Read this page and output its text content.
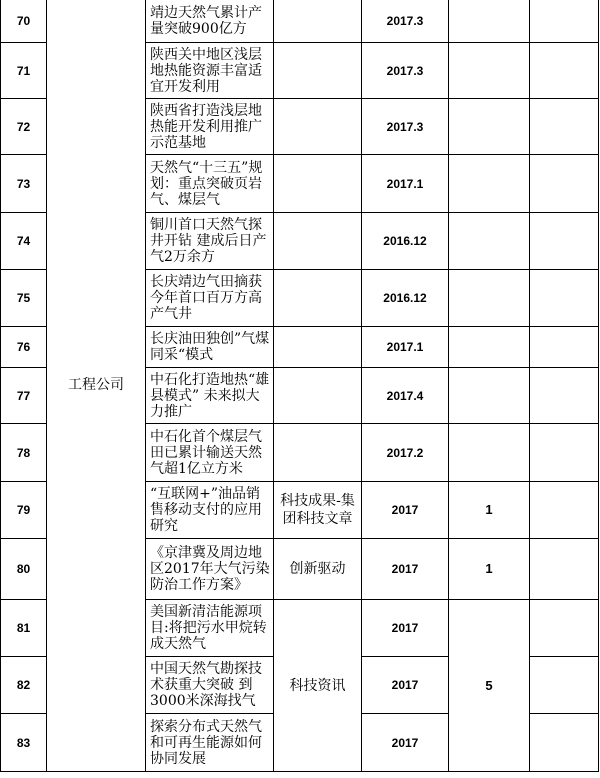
70	工程公司	靖边天然气累计产量突破900亿方		2017.3		
71		陕西关中地区浅层地热能资源丰富适宜开发利用		2017.3		
72		陕西省打造浅层地热能开发利用推广示范基地		2017.3		
73		天然气“十三五”规划：重点突破页岩气、煤层气		2017.1		
74		铜川首口天然气探井开钻 建成后日产气2万余方		2016.12		
75		长庆靖边气田摘获今年首口百万方高产气井		2016.12		
76		长庆油田独创”气煤同采“模式		2017.1		
77		中石化打造地热“雄县模式” 未来拟大力推广		2017.4		
78		中石化首个煤层气田已累计输送天然气超1亿立方米		2017.2		
79		“互联网+”油品销售移动支付的应用研究	科技成果-集团科技文章	2017	1	
80		《京津冀及周边地区2017年大气污染防治工作方案》	创新驱动	2017	1	
81		美国新清洁能源项目:将把污水甲烷转成天然气	科技资讯	2017	5	
82		中国天然气勘探技术获重大突破 到3000米深海找气		2017		
83		探索分布式天然气和可再生能源如何协同发展		2017		
